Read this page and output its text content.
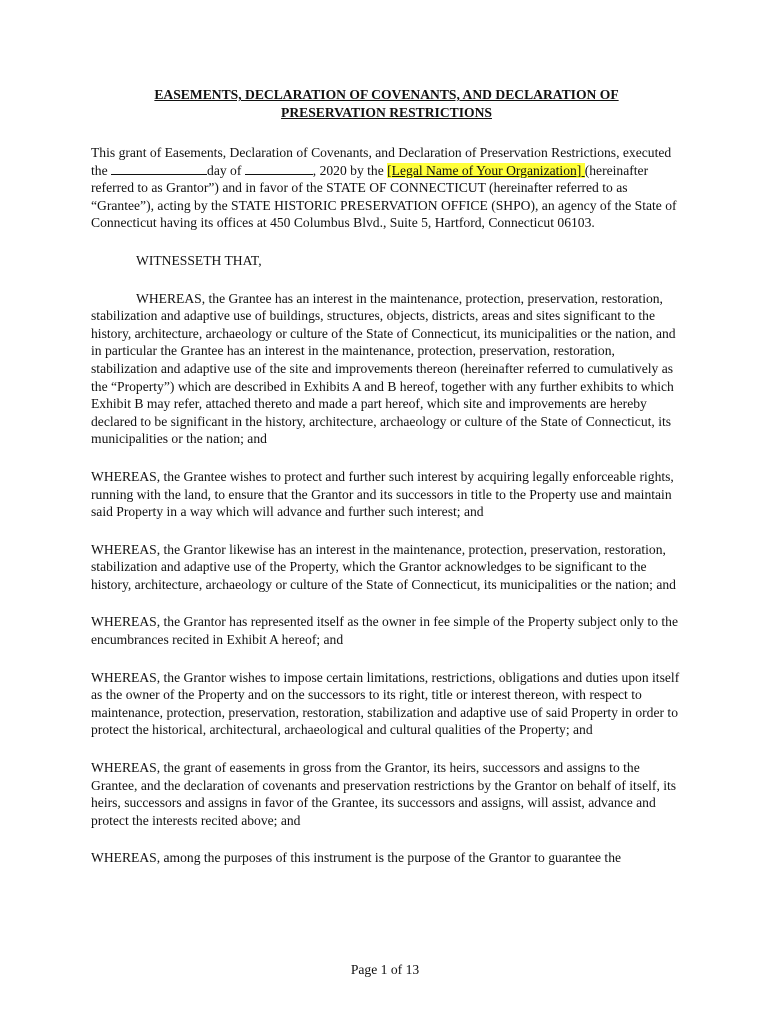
EASEMENTS, DECLARATION OF COVENANTS, AND DECLARATION OF
PRESERVATION RESTRICTIONS

This grant of Easements, Declaration of Covenants, and Declaration of Preservation Restrictions, executed the	day of	, 2020 by the [Legal Name of Your Organization] (hereinafter referred to as Grantor”) and in favor of the STATE OF CONNECTICUT (hereinafter referred to as “Grantee”), acting by the STATE HISTORIC PRESERVATION OFFICE (SHPO), an agency of the State of Connecticut having its offices at 450 Columbus Blvd., Suite 5, Hartford, Connecticut 06103.

WITNESSETH THAT,

WHEREAS, the Grantee has an interest in the maintenance, protection, preservation, restoration, stabilization and adaptive use of buildings, structures, objects, districts, areas and sites significant to the history, architecture, archaeology or culture of the State of Connecticut, its municipalities or the nation, and in particular the Grantee has an interest in the maintenance, protection, preservation, restoration, stabilization and adaptive use of the site and improvements thereon (hereinafter referred to cumulatively as the “Property”) which are described in Exhibits A and B hereof, together with any further exhibits to which Exhibit B may refer, attached thereto and made a part hereof, which site and improvements are hereby declared to be significant in the history, architecture, archaeology or culture of the State of Connecticut, its municipalities or the nation; and

WHEREAS, the Grantee wishes to protect and further such interest by acquiring legally enforceable rights, running with the land, to ensure that the Grantor and its successors in title to the Property use and maintain said Property in a way which will advance and further such interest; and

WHEREAS, the Grantor likewise has an interest in the maintenance, protection, preservation, restoration, stabilization and adaptive use of the Property, which the Grantor acknowledges to be significant to the history, architecture, archaeology or culture of the State of Connecticut, its municipalities or the nation; and

WHEREAS, the Grantor has represented itself as the owner in fee simple of the Property subject only to the encumbrances recited in Exhibit A hereof; and

WHEREAS, the Grantor wishes to impose certain limitations, restrictions, obligations and duties upon itself as the owner of the Property and on the successors to its right, title or interest thereon, with respect to maintenance, protection, preservation, restoration, stabilization and adaptive use of said Property in order to protect the historical, architectural, archaeological and cultural qualities of the Property; and

WHEREAS, the grant of easements in gross from the Grantor, its heirs, successors and assigns to the Grantee, and the declaration of covenants and preservation restrictions by the Grantor on behalf of itself, its heirs, successors and assigns in favor of the Grantee, its successors and assigns, will assist, advance and protect the interests recited above; and

WHEREAS, among the purposes of this instrument is the purpose of the Grantor to guarantee the

Page 1 of 13
